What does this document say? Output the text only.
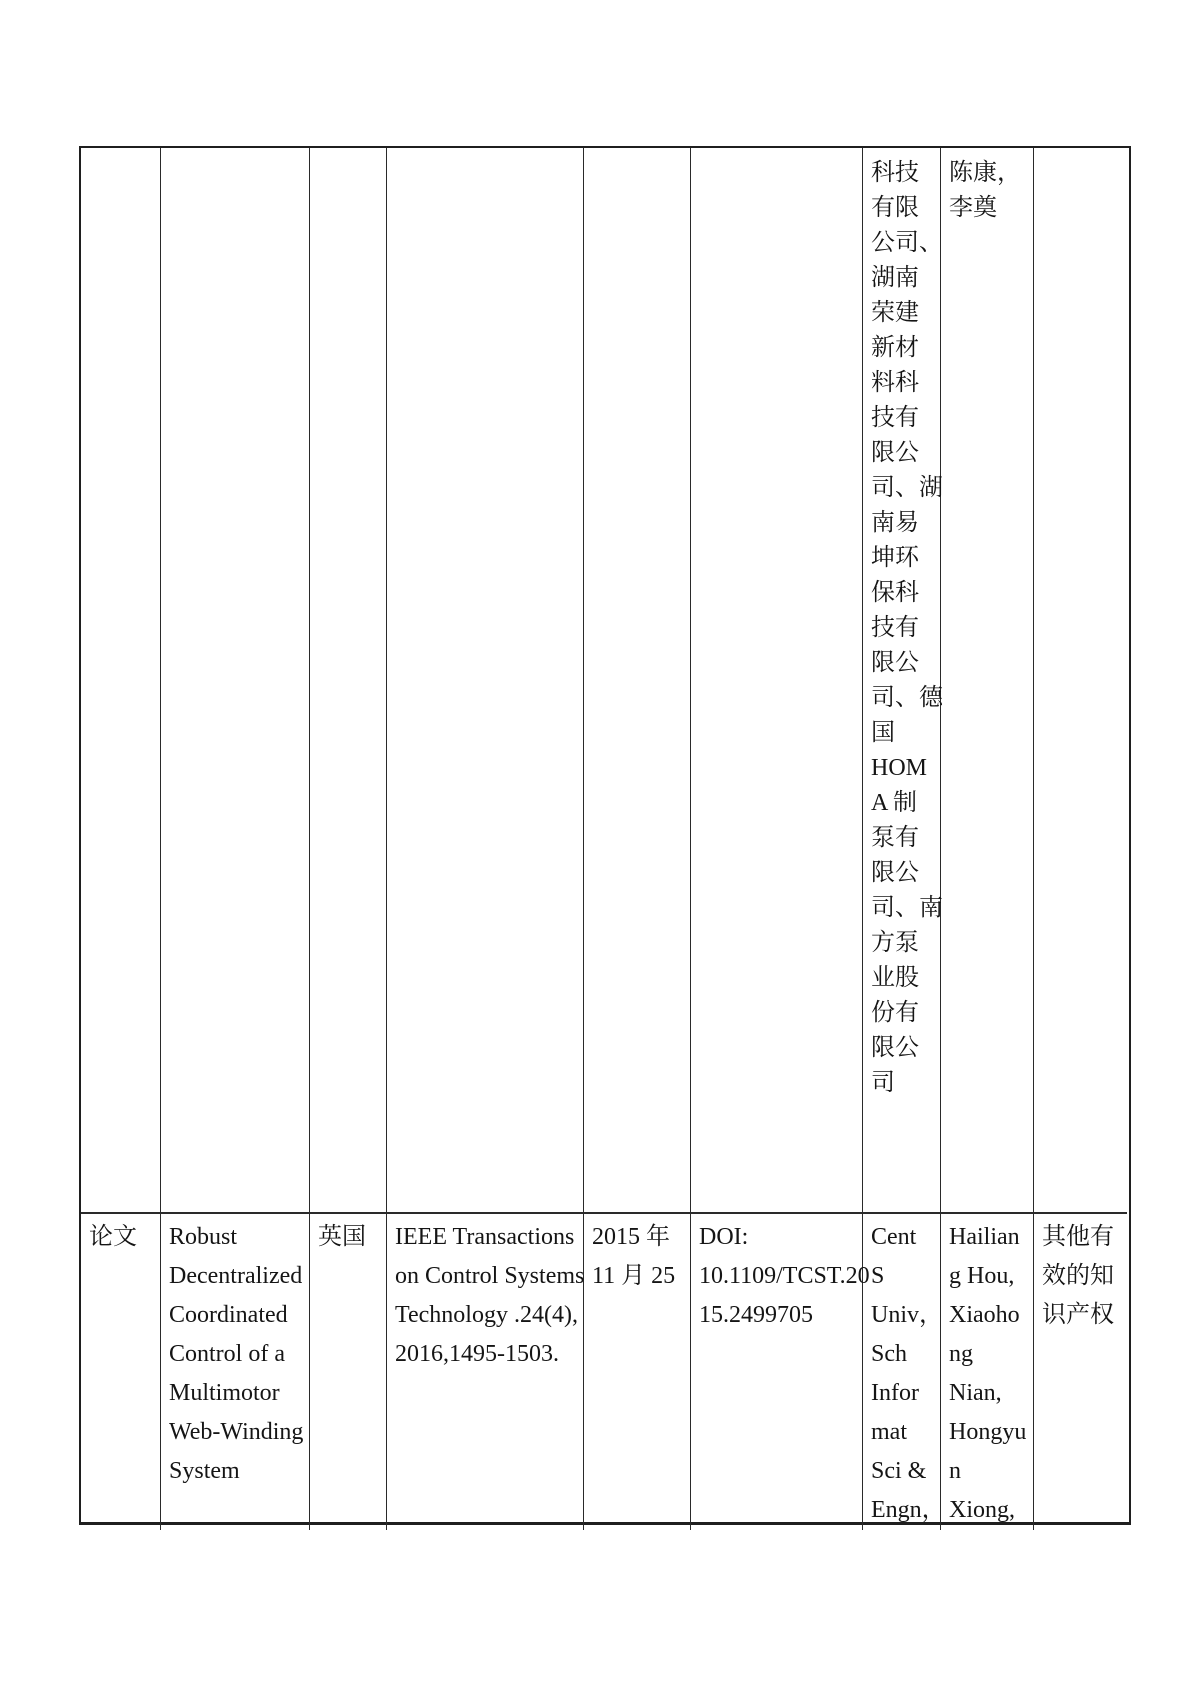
科技
有限
公司、
湖南
荣建
新材
料科
技有
限公
司、湖
南易
坤环
保科
技有
限公
司、德
国
HOM
A 制
泵有
限公
司、南
方泵
业股
份有
限公
司
陈康，
李奠
论文	Robust
Decentralized
Coordinated
Control of a
Multimotor
Web-Winding
System
英国	IEEE Transactions
on Control Systems
Technology .24(4),
2016,1495-1503.
2015 年
11 月 25
DOI:
10.1109/TCST.20
15.2499705
Cent
S
Univ，
Sch
Infor
mat
Sci &
Engn，
Hailian
g Hou,
Xiaoho
ng
Nian,
Hongyu
n
Xiong,
其他有
效的知
识产权
